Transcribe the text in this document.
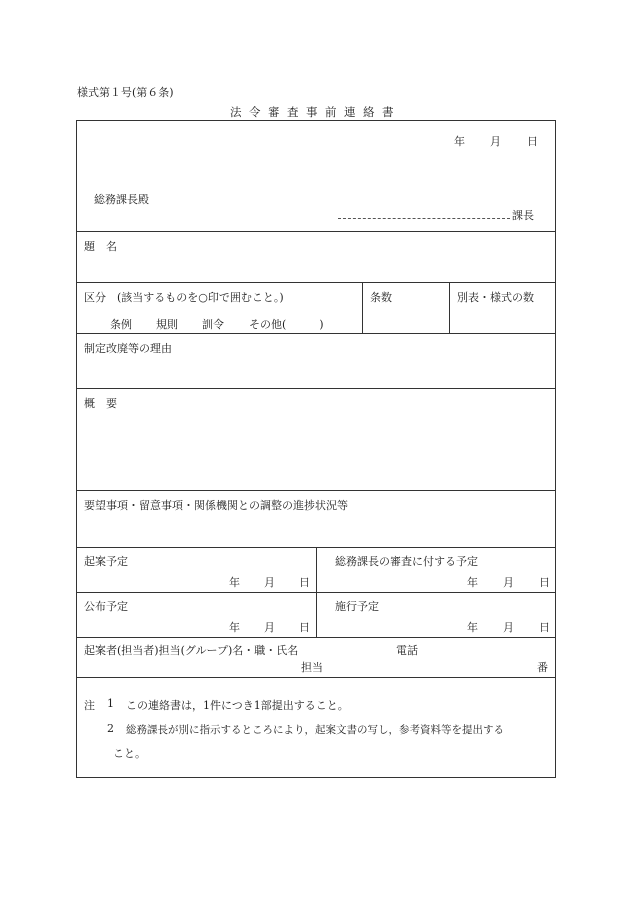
様式第１号(第６条)
法令審査事前連絡書
年 月 日
総務課長殿
課長
題　名
区分　(該当するものを○印で囲むこと。)
条例 規則 訓令 その他(　　　)
条数	別表・様式の数
制定改廃等の理由
概　要
要望事項・留意事項・関係機関との調整の進捗状況等
起案予定
年 月 日
総務課長の審査に付する予定
年 月 日
公布予定
年 月 日
施行予定
年 月 日
起案者(担当者)担当(グループ)名・職・氏名	電話
担当	番
注 1 この連絡書は，1件につき1部提出すること。
2 総務課長が別に指示するところにより，起案文書の写し，参考資料等を提出する
こと。
